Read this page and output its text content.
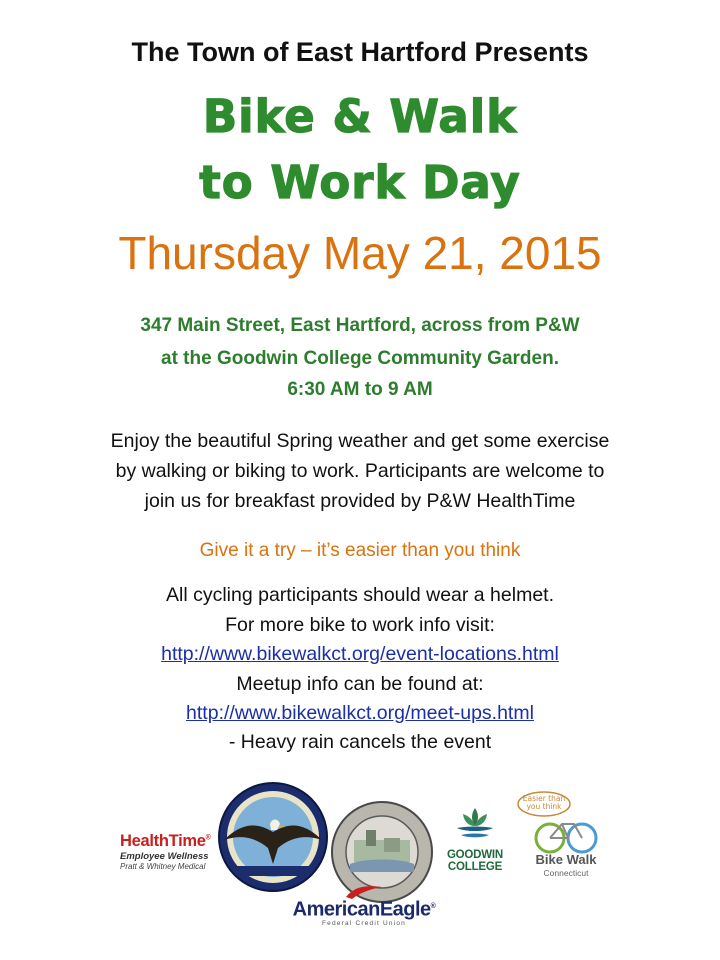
The Town of East Hartford Presents
Bike & Walk
to Work Day
Thursday May 21, 2015
347 Main Street, East Hartford, across from P&W
at the Goodwin College Community Garden.
6:30 AM to 9 AM
Enjoy the beautiful Spring weather and get some exercise
by walking or biking to work. Participants are welcome to
join us for breakfast provided by P&W HealthTime
Give it a try – it’s easier than you think
All cycling participants should wear a helmet.
For more bike to work info visit:
http://www.bikewalkct.org/event-locations.html
Meetup info can be found at:
http://www.bikewalkct.org/meet-ups.html
- Heavy rain cancels the event
HealthTime®
Employee Wellness
Pratt & Whitney Medical
GOODWIN
COLLEGE
Easier than
you think
Bike Walk
Connecticut
AmericanEagle®
Federal Credit Union
